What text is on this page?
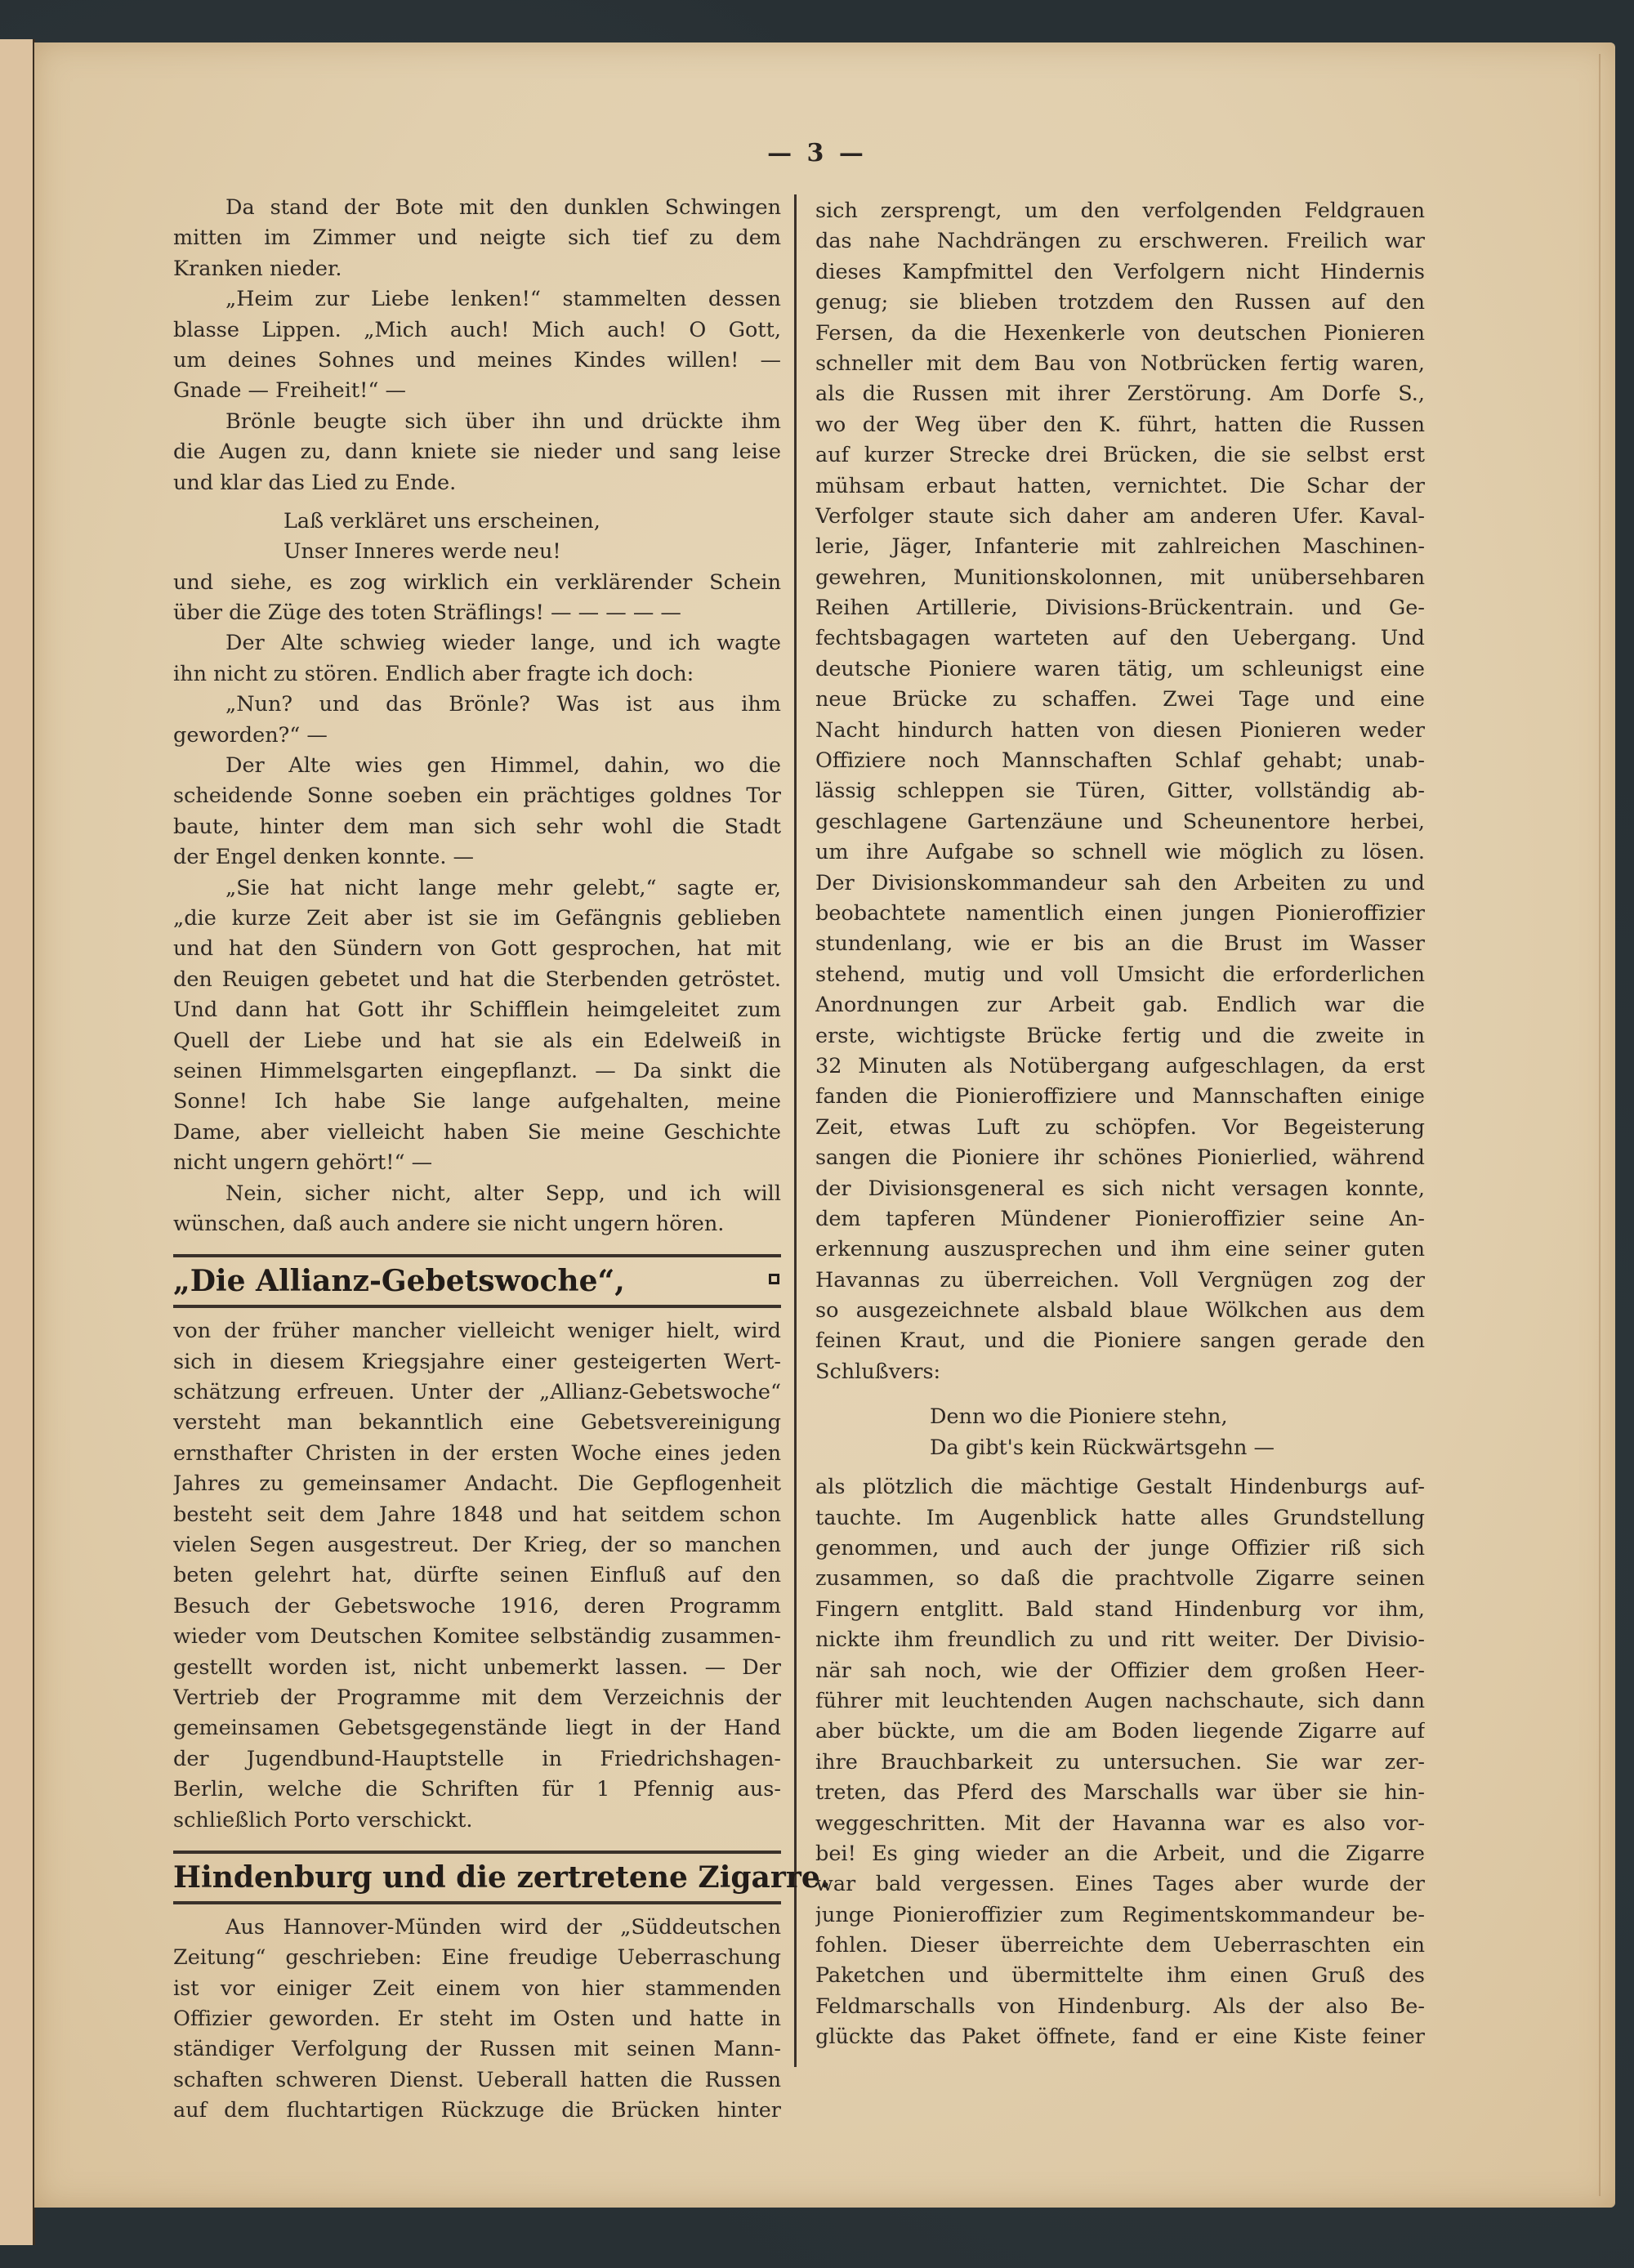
— 3 —
Da stand der Bote mit den dunklen Schwingen
mitten im Zimmer und neigte sich tief zu dem
Kranken nieder.
„Heim zur Liebe lenken!“ stammelten dessen
blasse Lippen. „Mich auch! Mich auch! O Gott,
um deines Sohnes und meines Kindes willen! —
Gnade — Freiheit!“ —
Brönle beugte sich über ihn und drückte ihm
die Augen zu, dann kniete sie nieder und sang leise
und klar das Lied zu Ende.
Laß verkläret uns erscheinen,
Unser Inneres werde neu!
und siehe, es zog wirklich ein verklärender Schein
über die Züge des toten Sträflings! — — — — —
Der Alte schwieg wieder lange, und ich wagte
ihn nicht zu stören. Endlich aber fragte ich doch:
„Nun? und das Brönle? Was ist aus ihm
geworden?“ —
Der Alte wies gen Himmel, dahin, wo die
scheidende Sonne soeben ein prächtiges goldnes Tor
baute, hinter dem man sich sehr wohl die Stadt
der Engel denken konnte. —
„Sie hat nicht lange mehr gelebt,“ sagte er,
„die kurze Zeit aber ist sie im Gefängnis geblieben
und hat den Sündern von Gott gesprochen, hat mit
den Reuigen gebetet und hat die Sterbenden getröstet.
Und dann hat Gott ihr Schifflein heimgeleitet zum
Quell der Liebe und hat sie als ein Edelweiß in
seinen Himmelsgarten eingepflanzt. — Da sinkt die
Sonne! Ich habe Sie lange aufgehalten, meine
Dame, aber vielleicht haben Sie meine Geschichte
nicht ungern gehört!“ —
Nein, sicher nicht, alter Sepp, und ich will
wünschen, daß auch andere sie nicht ungern hören.
„Die Allianz-Gebetswoche“,
von der früher mancher vielleicht weniger hielt, wird
sich in diesem Kriegsjahre einer gesteigerten Wert-
schätzung erfreuen. Unter der „Allianz-Gebetswoche“
versteht man bekanntlich eine Gebetsvereinigung
ernsthafter Christen in der ersten Woche eines jeden
Jahres zu gemeinsamer Andacht. Die Gepflogenheit
besteht seit dem Jahre 1848 und hat seitdem schon
vielen Segen ausgestreut. Der Krieg, der so manchen
beten gelehrt hat, dürfte seinen Einfluß auf den
Besuch der Gebetswoche 1916, deren Programm
wieder vom Deutschen Komitee selbständig zusammen-
gestellt worden ist, nicht unbemerkt lassen. — Der
Vertrieb der Programme mit dem Verzeichnis der
gemeinsamen Gebetsgegenstände liegt in der Hand
der Jugendbund-Hauptstelle in Friedrichshagen-
Berlin, welche die Schriften für 1 Pfennig aus-
schließlich Porto verschickt.
Hindenburg und die zertretene Zigarre.
Aus Hannover-Münden wird der „Süddeutschen
Zeitung“ geschrieben: Eine freudige Ueberraschung
ist vor einiger Zeit einem von hier stammenden
Offizier geworden. Er steht im Osten und hatte in
ständiger Verfolgung der Russen mit seinen Mann-
schaften schweren Dienst. Ueberall hatten die Russen
auf dem fluchtartigen Rückzuge die Brücken hinter
sich zersprengt, um den verfolgenden Feldgrauen
das nahe Nachdrängen zu erschweren. Freilich war
dieses Kampfmittel den Verfolgern nicht Hindernis
genug; sie blieben trotzdem den Russen auf den
Fersen, da die Hexenkerle von deutschen Pionieren
schneller mit dem Bau von Notbrücken fertig waren,
als die Russen mit ihrer Zerstörung. Am Dorfe S.,
wo der Weg über den K. führt, hatten die Russen
auf kurzer Strecke drei Brücken, die sie selbst erst
mühsam erbaut hatten, vernichtet. Die Schar der
Verfolger staute sich daher am anderen Ufer. Kaval-
lerie, Jäger, Infanterie mit zahlreichen Maschinen-
gewehren, Munitionskolonnen, mit unübersehbaren
Reihen Artillerie, Divisions-Brückentrain. und Ge-
fechtsbagagen warteten auf den Uebergang. Und
deutsche Pioniere waren tätig, um schleunigst eine
neue Brücke zu schaffen. Zwei Tage und eine
Nacht hindurch hatten von diesen Pionieren weder
Offiziere noch Mannschaften Schlaf gehabt; unab-
lässig schleppen sie Türen, Gitter, vollständig ab-
geschlagene Gartenzäune und Scheunentore herbei,
um ihre Aufgabe so schnell wie möglich zu lösen.
Der Divisionskommandeur sah den Arbeiten zu und
beobachtete namentlich einen jungen Pionieroffizier
stundenlang, wie er bis an die Brust im Wasser
stehend, mutig und voll Umsicht die erforderlichen
Anordnungen zur Arbeit gab. Endlich war die
erste, wichtigste Brücke fertig und die zweite in
32 Minuten als Notübergang aufgeschlagen, da erst
fanden die Pionieroffiziere und Mannschaften einige
Zeit, etwas Luft zu schöpfen. Vor Begeisterung
sangen die Pioniere ihr schönes Pionierlied, während
der Divisionsgeneral es sich nicht versagen konnte,
dem tapferen Mündener Pionieroffizier seine An-
erkennung auszusprechen und ihm eine seiner guten
Havannas zu überreichen. Voll Vergnügen zog der
so ausgezeichnete alsbald blaue Wölkchen aus dem
feinen Kraut, und die Pioniere sangen gerade den
Schlußvers:
Denn wo die Pioniere stehn,
Da gibt's kein Rückwärtsgehn —
als plötzlich die mächtige Gestalt Hindenburgs auf-
tauchte. Im Augenblick hatte alles Grundstellung
genommen, und auch der junge Offizier riß sich
zusammen, so daß die prachtvolle Zigarre seinen
Fingern entglitt. Bald stand Hindenburg vor ihm,
nickte ihm freundlich zu und ritt weiter. Der Divisio-
när sah noch, wie der Offizier dem großen Heer-
führer mit leuchtenden Augen nachschaute, sich dann
aber bückte, um die am Boden liegende Zigarre auf
ihre Brauchbarkeit zu untersuchen. Sie war zer-
treten, das Pferd des Marschalls war über sie hin-
weggeschritten. Mit der Havanna war es also vor-
bei! Es ging wieder an die Arbeit, und die Zigarre
war bald vergessen. Eines Tages aber wurde der
junge Pionieroffizier zum Regimentskommandeur be-
fohlen. Dieser überreichte dem Ueberraschten ein
Paketchen und übermittelte ihm einen Gruß des
Feldmarschalls von Hindenburg. Als der also Be-
glückte das Paket öffnete, fand er eine Kiste feiner
